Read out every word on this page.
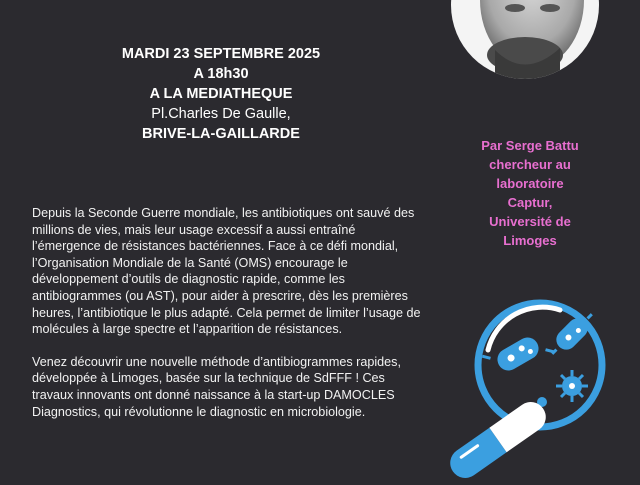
MARDI 23 SEPTEMBRE 2025
A 18h30
A LA MEDIATHEQUE
Pl.Charles De Gaulle,
BRIVE-LA-GAILLARDE
Par Serge Battu
chercheur au
laboratoire
Captur,
Université de
Limoges

Depuis la Seconde Guerre mondiale, les antibiotiques ont sauvé des millions de vies, mais leur usage excessif a aussi entraîné l’émergence de résistances bactériennes. Face à ce défi mondial, l’Organisation Mondiale de la Santé (OMS) encourage le développement d’outils de diagnostic rapide, comme les antibiogrammes (ou AST), pour aider à prescrire, dès les premières heures, l’antibiotique le plus adapté. Cela permet de limiter l’usage de molécules à large spectre et l’apparition de résistances.

Venez découvrir une nouvelle méthode d’antibiogrammes rapides, développée à Limoges, basée sur la technique de SdFFF ! Ces travaux innovants ont donné naissance à la start-up DAMOCLES Diagnostics, qui révolutionne le diagnostic en microbiologie.
